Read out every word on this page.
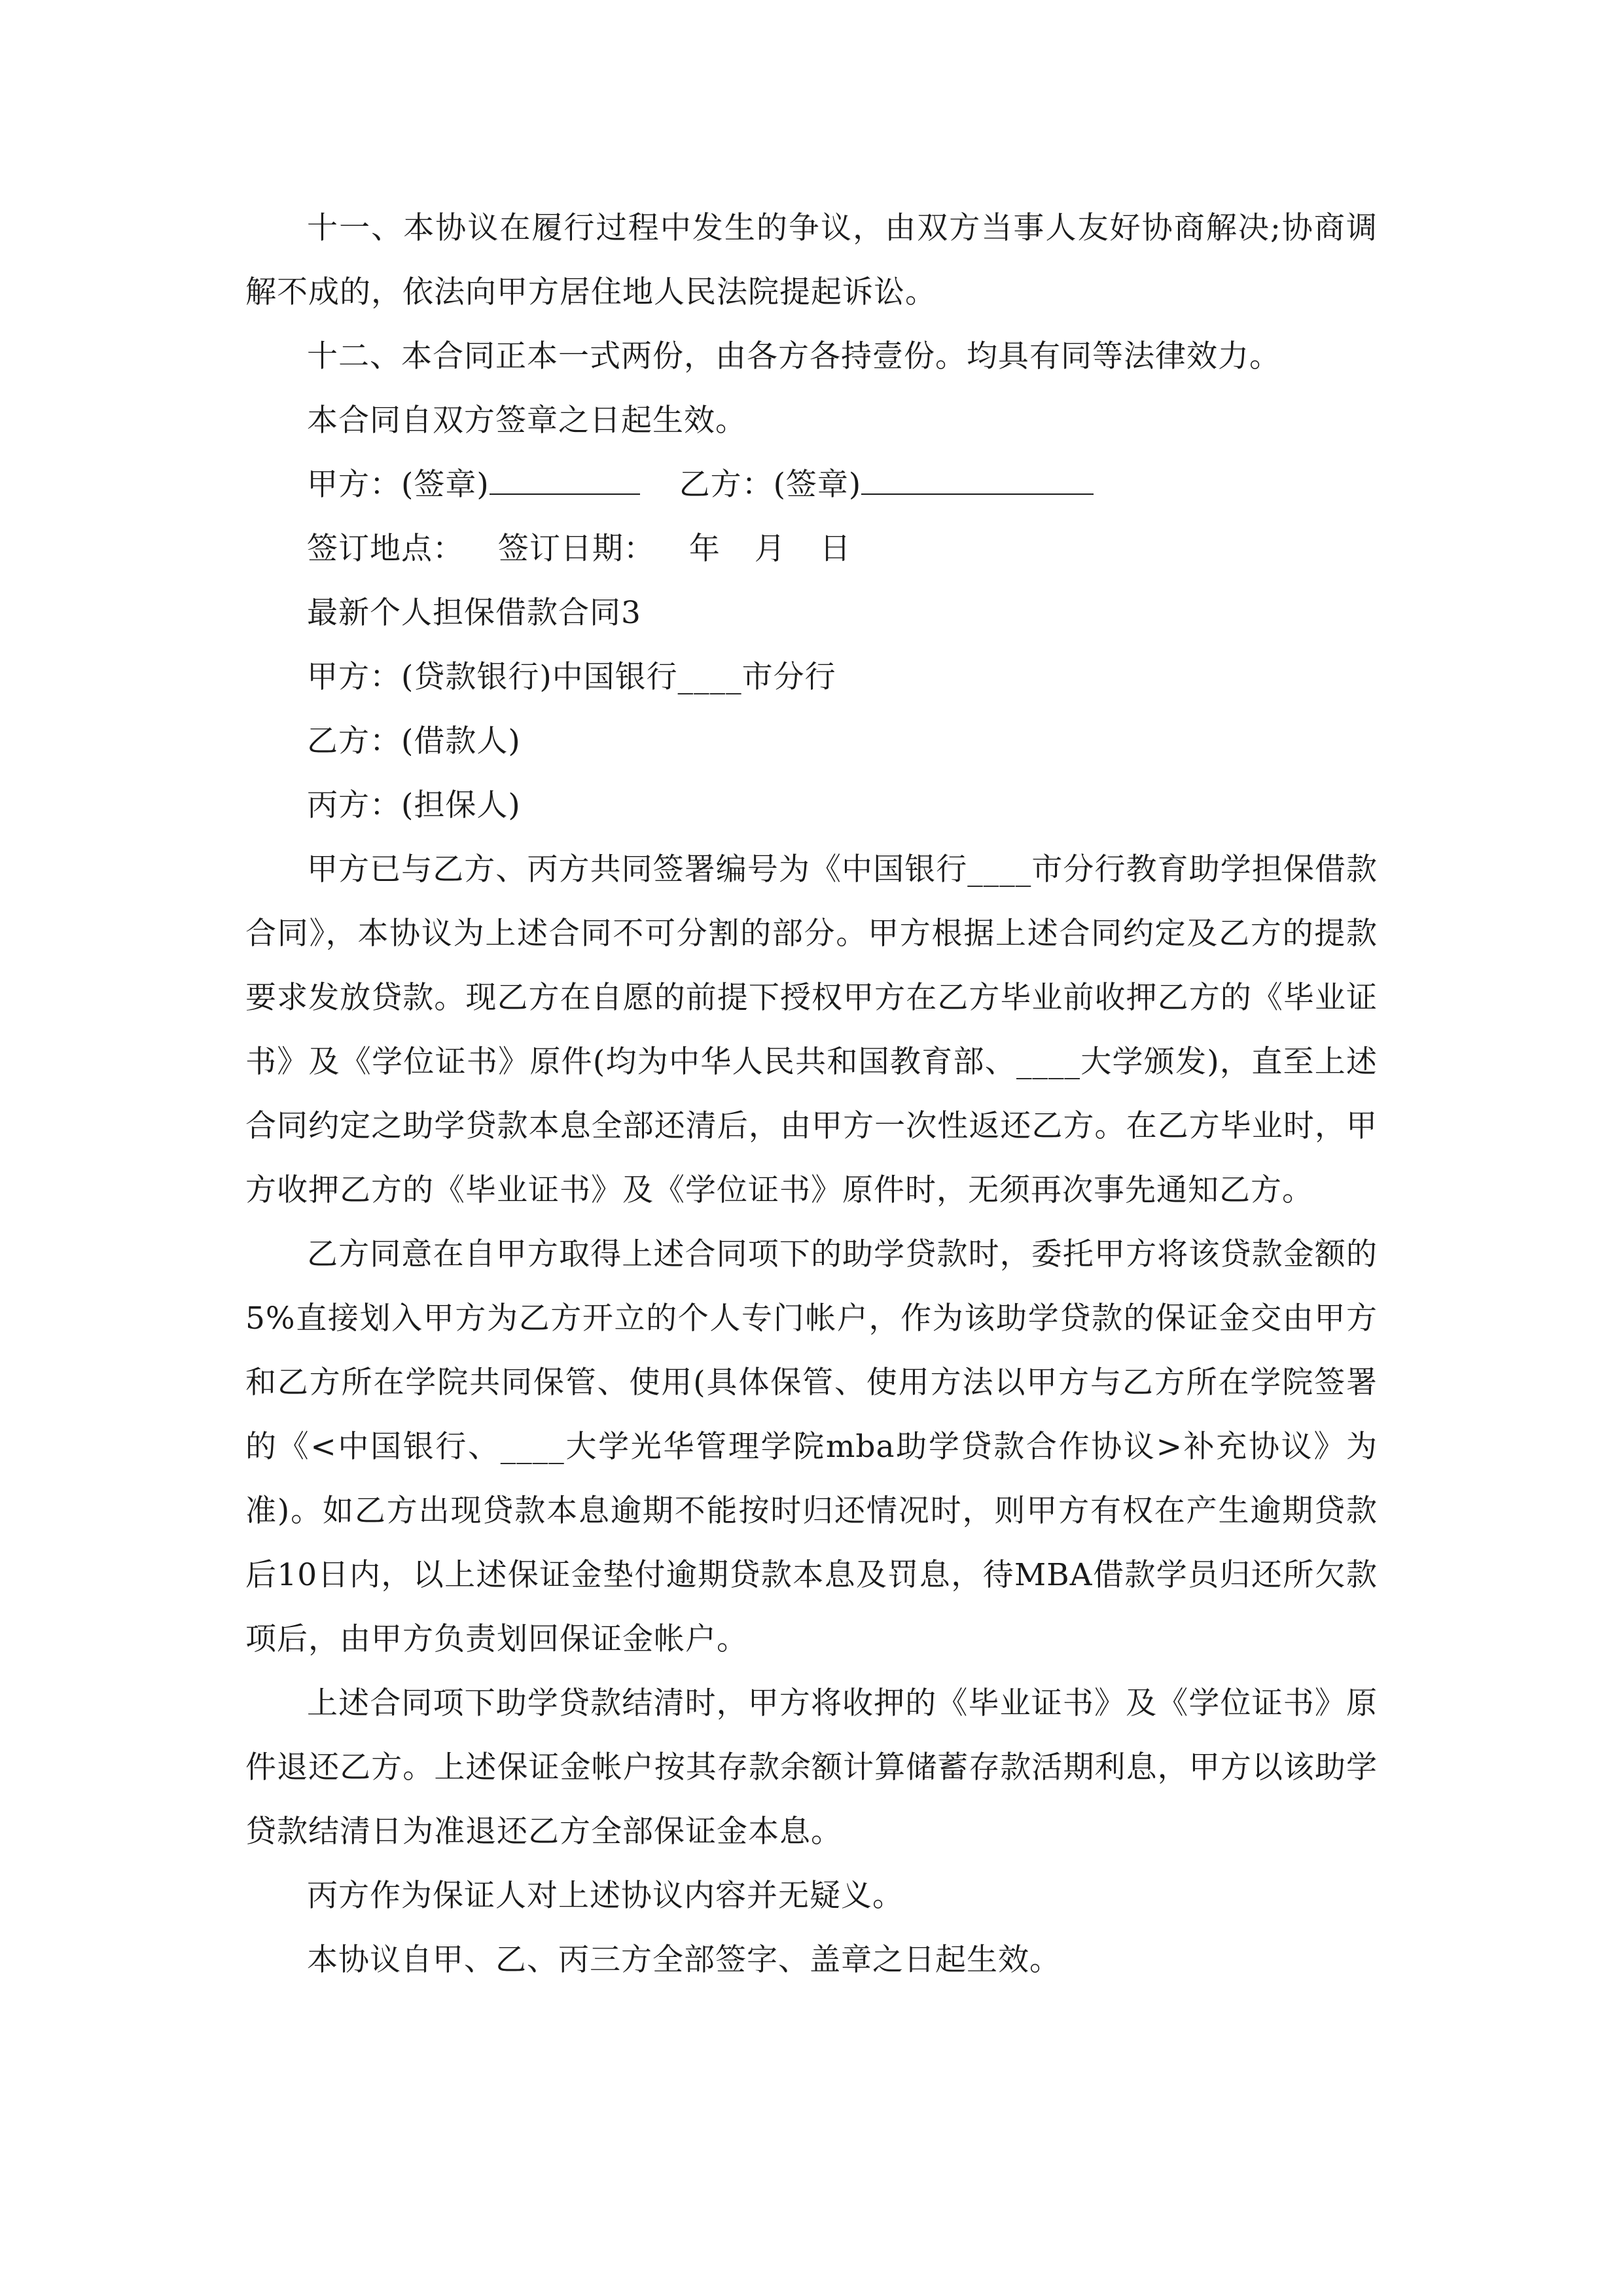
十一、本协议在履行过程中发生的争议，由双方当事人友好协商解决;协商调解不成的，依法向甲方居住地人民法院提起诉讼。

十二、本合同正本一式两份，由各方各持壹份。均具有同等法律效力。

本合同自双方签章之日起生效。

甲方：(签章)	乙方：(签章)
签订地点： 签订日期： 年 月 日

最新个人担保借款合同3

甲方：(贷款银行)中国银行____市分行

乙方：(借款人)

丙方：(担保人)

甲方已与乙方、丙方共同签署编号为《中国银行____市分行教育助学担保借款合同》，本协议为上述合同不可分割的部分。甲方根据上述合同约定及乙方的提款要求发放贷款。现乙方在自愿的前提下授权甲方在乙方毕业前收押乙方的《毕业证书》及《学位证书》原件(均为中华人民共和国教育部、____大学颁发)，直至上述合同约定之助学贷款本息全部还清后，由甲方一次性返还乙方。在乙方毕业时，甲方收押乙方的《毕业证书》及《学位证书》原件时，无须再次事先通知乙方。

乙方同意在自甲方取得上述合同项下的助学贷款时，委托甲方将该贷款金额的5%直接划入甲方为乙方开立的个人专门帐户，作为该助学贷款的保证金交由甲方和乙方所在学院共同保管、使用(具体保管、使用方法以甲方与乙方所在学院签署的《<中国银行、____大学光华管理学院mba助学贷款合作协议>补充协议》为准)。如乙方出现贷款本息逾期不能按时归还情况时，则甲方有权在产生逾期贷款后10日内，以上述保证金垫付逾期贷款本息及罚息，待MBA借款学员归还所欠款项后，由甲方负责划回保证金帐户。

上述合同项下助学贷款结清时，甲方将收押的《毕业证书》及《学位证书》原件退还乙方。上述保证金帐户按其存款余额计算储蓄存款活期利息，甲方以该助学贷款结清日为准退还乙方全部保证金本息。

丙方作为保证人对上述协议内容并无疑义。

本协议自甲、乙、丙三方全部签字、盖章之日起生效。
